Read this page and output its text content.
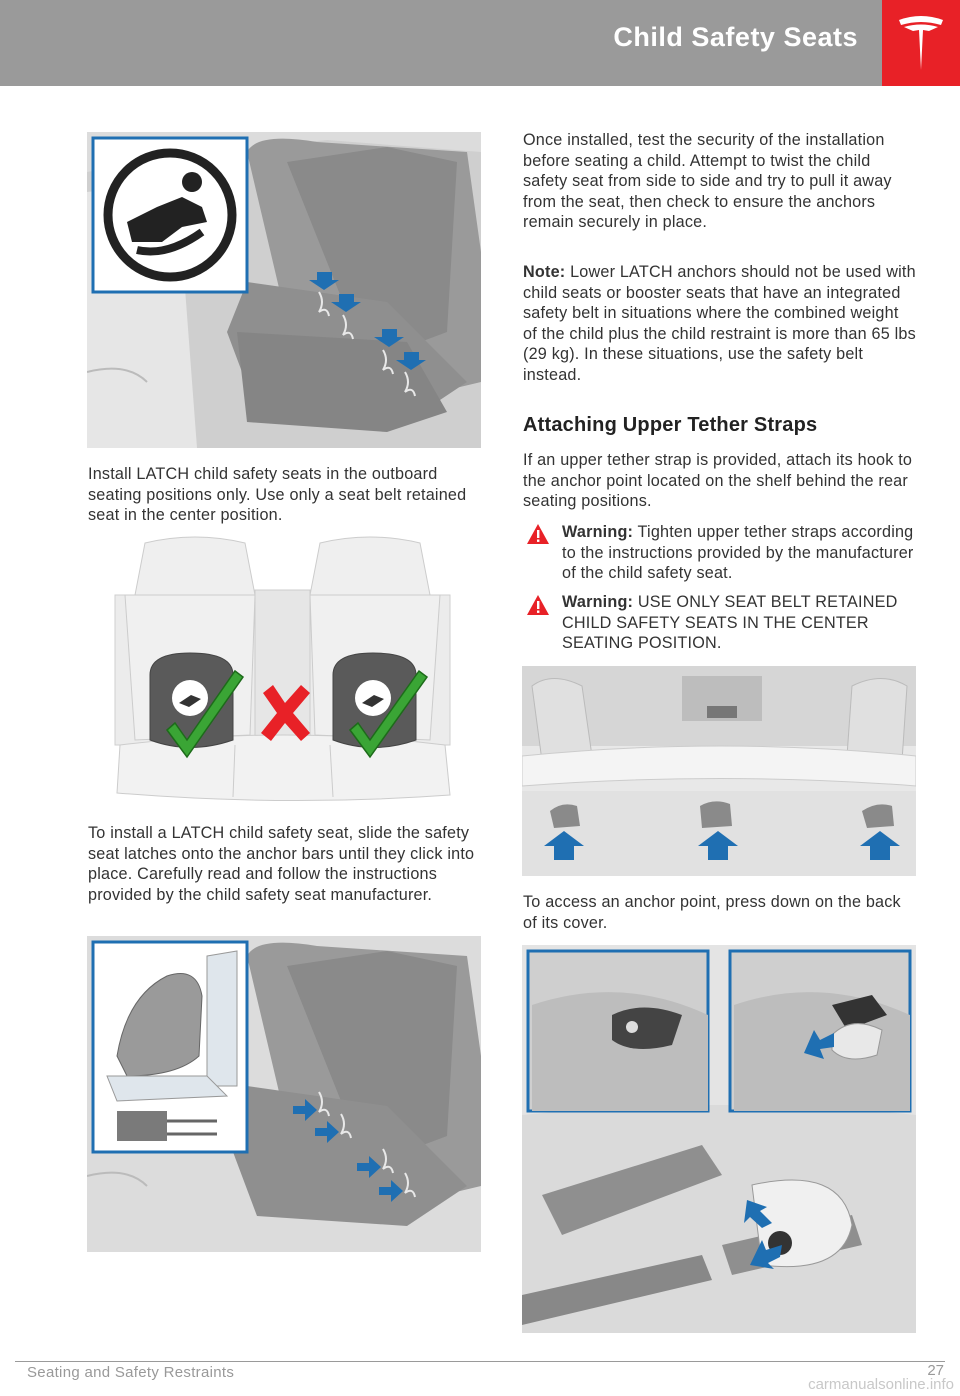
Child Safety Seats
Install LATCH child safety seats in the outboard seating positions only. Use only a seat belt retained seat in the center position.
To install a LATCH child safety seat, slide the safety seat latches onto the anchor bars until they click into place. Carefully read and follow the instructions provided by the child safety seat manufacturer.
Once installed, test the security of the installation before seating a child. Attempt to twist the child safety seat from side to side and try to pull it away from the seat, then check to ensure the anchors remain securely in place.
Note: Lower LATCH anchors should not be used with child seats or booster seats that have an integrated safety belt in situations where the combined weight of the child plus the child restraint is more than 65 lbs (29 kg). In these situations, use the safety belt instead.
Attaching Upper Tether Straps
If an upper tether strap is provided, attach its hook to the anchor point located on the shelf behind the rear seating positions.
Warning: Tighten upper tether straps according to the instructions provided by the manufacturer of the child safety seat.
Warning: USE ONLY SEAT BELT RETAINED CHILD SAFETY SEATS IN THE CENTER SEATING POSITION.
To access an anchor point, press down on the back of its cover.
Seating and Safety Restraints	27
carmanualsonline.info
